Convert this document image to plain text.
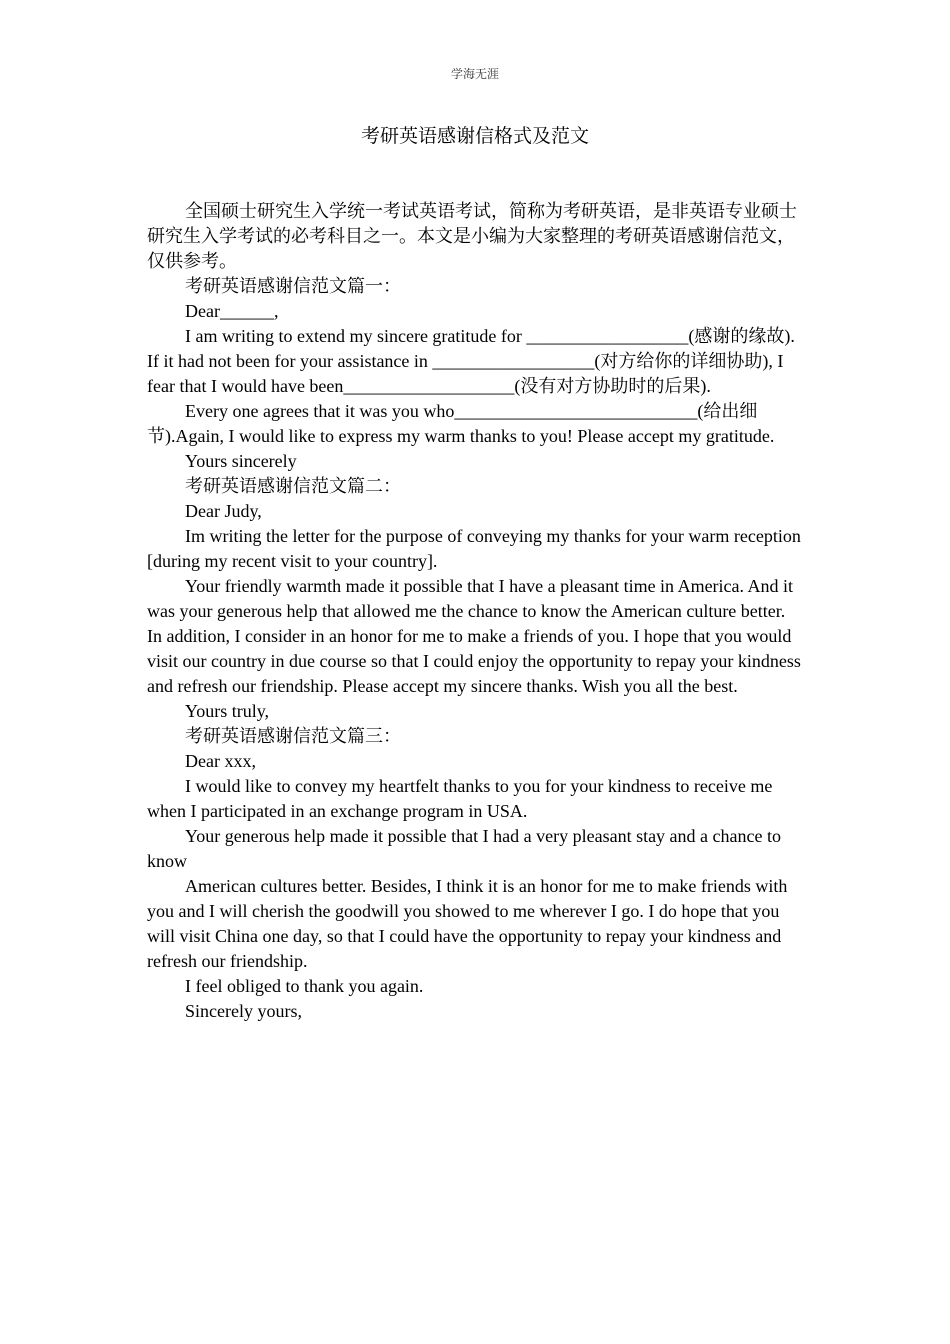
学海无涯
考研英语感谢信格式及范文

全国硕士研究生入学统一考试英语考试，简称为考研英语，是非英语专业硕士研究生入学考试的必考科目之一。本文是小编为大家整理的考研英语感谢信范文，仅供参考。

考研英语感谢信范文篇一：

Dear______,

I am writing to extend my sincere gratitude for __________________(感谢的缘故). If it had not been for your assistance in __________________(对方给你的详细协助), I fear that I would have been___________________(没有对方协助时的后果).

Every one agrees that it was you who___________________________(给出细节).Again, I would like to express my warm thanks to you! Please accept my gratitude.

Yours sincerely

考研英语感谢信范文篇二：

Dear Judy,

Im writing the letter for the purpose of conveying my thanks for your warm reception [during my recent visit to your country].

Your friendly warmth made it possible that I have a pleasant time in America. And it was your generous help that allowed me the chance to know the American culture better. In addition, I consider in an honor for me to make a friends of you. I hope that you would visit our country in due course so that I could enjoy the opportunity to repay your kindness and refresh our friendship. Please accept my sincere thanks. Wish you all the best.

Yours truly,

考研英语感谢信范文篇三：

Dear xxx,

I would like to convey my heartfelt thanks to you for your kindness to receive me when I participated in an exchange program in USA.

Your generous help made it possible that I had a very pleasant stay and a chance to know

American cultures better. Besides, I think it is an honor for me to make friends with you and I will cherish the goodwill you showed to me wherever I go. I do hope that you will visit China one day, so that I could have the opportunity to repay your kindness and refresh our friendship.

I feel obliged to thank you again.

Sincerely yours,
